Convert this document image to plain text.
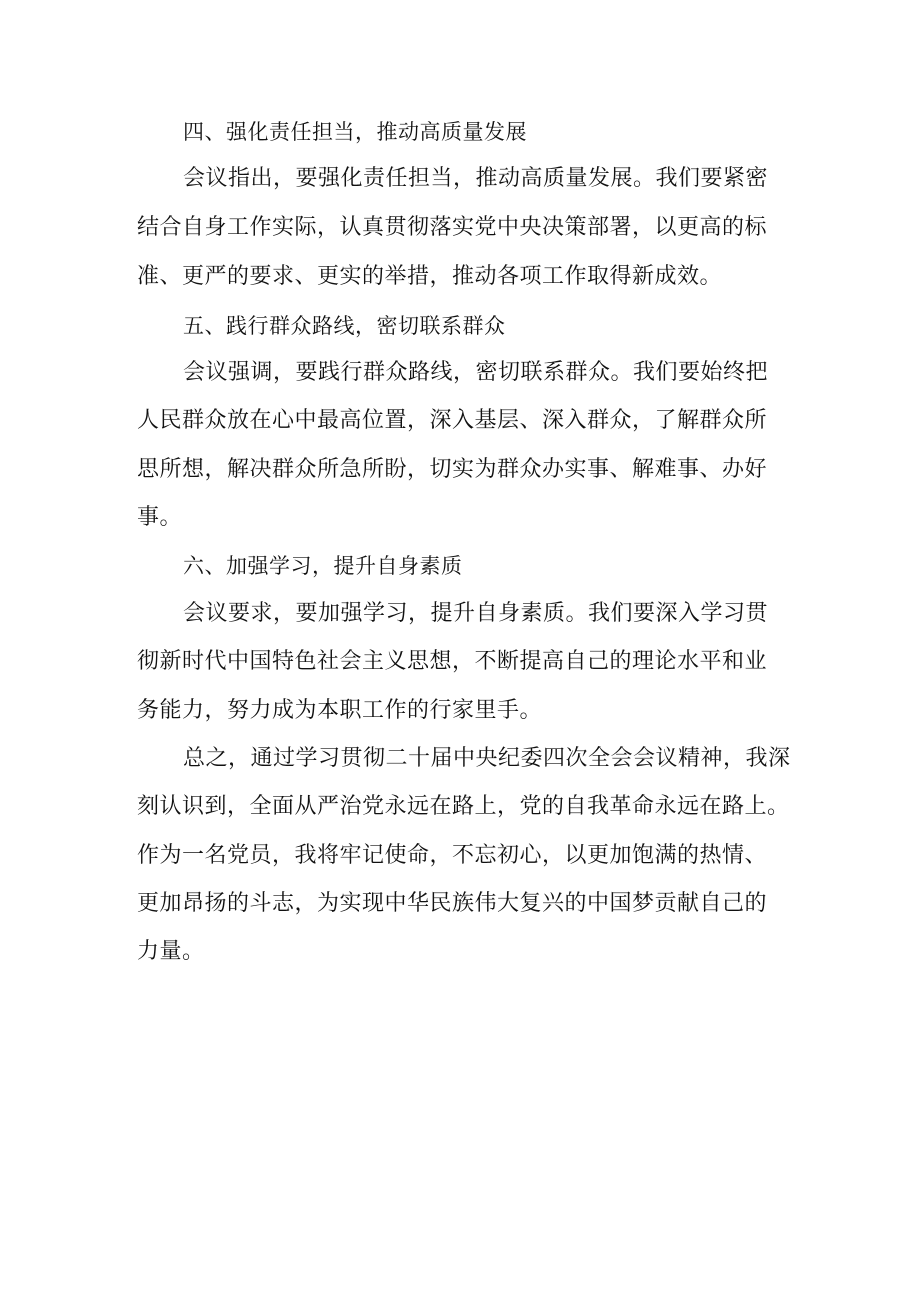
四、强化责任担当，推动高质量发展

会议指出，要强化责任担当，推动高质量发展。我们要紧密

结合自身工作实际，认真贯彻落实党中央决策部署，以更高的标

准、更严的要求、更实的举措，推动各项工作取得新成效。

五、践行群众路线，密切联系群众

会议强调，要践行群众路线，密切联系群众。我们要始终把

人民群众放在心中最高位置，深入基层、深入群众，了解群众所

思所想，解决群众所急所盼，切实为群众办实事、解难事、办好

事。

六、加强学习，提升自身素质

会议要求，要加强学习，提升自身素质。我们要深入学习贯

彻新时代中国特色社会主义思想，不断提高自己的理论水平和业

务能力，努力成为本职工作的行家里手。

总之，通过学习贯彻二十届中央纪委四次全会会议精神，我深

刻认识到，全面从严治党永远在路上，党的自我革命永远在路上。

作为一名党员，我将牢记使命，不忘初心，以更加饱满的热情、

更加昂扬的斗志，为实现中华民族伟大复兴的中国梦贡献自己的

力量。
